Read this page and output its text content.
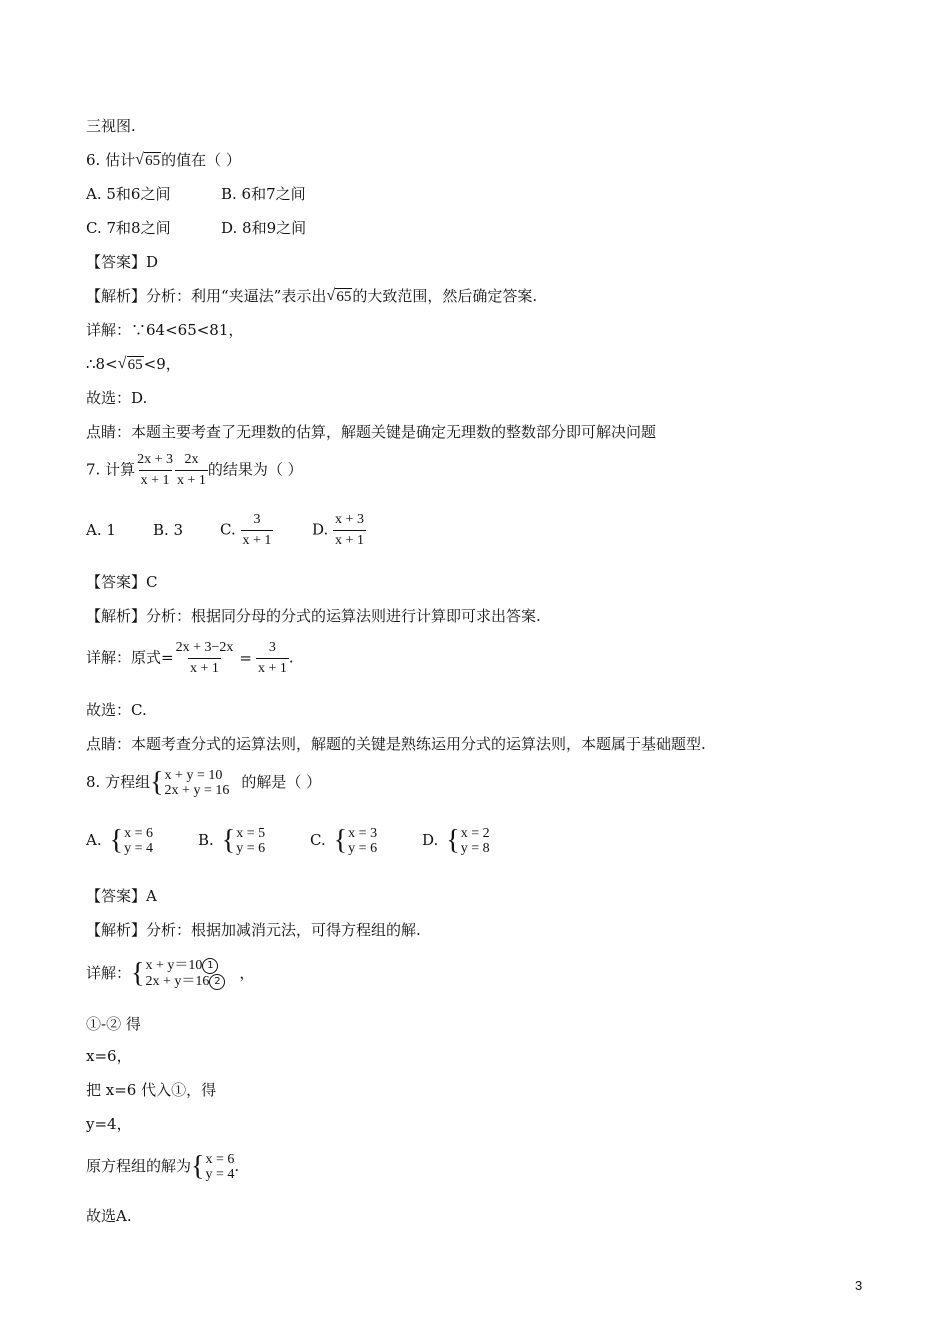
三视图.
6. 估计 √ 65的值在（ ）
A. 5和6之间	B. 6和7之间
C. 7和8之间	D. 8和9之间
【答案】D
【解析】分析：利用“夹逼法”表示出 √ 65的大致范围，然后确定答案.
详解：∵64<65<81，
∴8< √ 65<9，
故选：D.
点睛：本题主要考查了无理数的估算，解题关键是确定无理数的整数部分即可解决问题
7. 计算 $\frac{2x + 3}{x + 1} \frac{2x}{x + 1}$ 的结果为（ ）
A. 1 B. 3 C. $\frac{3}{x + 1}$	D. $\frac{x + 3}{x + 1}$
【答案】C
【解析】分析：根据同分母的分式的运算法则进行计算即可求出答案.
详解：原式= $\frac{2x + 3-2x}{x + 1} = \frac{3}{x + 1}$ .
故选：C.
点睛：本题考查分式的运算法则，解题的关键是熟练运用分式的运算法则，本题属于基础题型.
8. 方程组 { x + y = 10
2x + y = 16 的解是（ ）
A. { x = 6
y = 4	B. { x = 5
y = 6	C. { x = 3
y = 6	D. { x = 2
y = 8
【答案】A
【解析】分析：根据加减消元法，可得方程组的解.
详解： { x + y＝10 1
2x + y＝16 2	，
①-② 得
x=6，
把 x=6 代入①，得
y=4，
原方程组的解为 { x = 6
y = 4 .
故选A.
3
